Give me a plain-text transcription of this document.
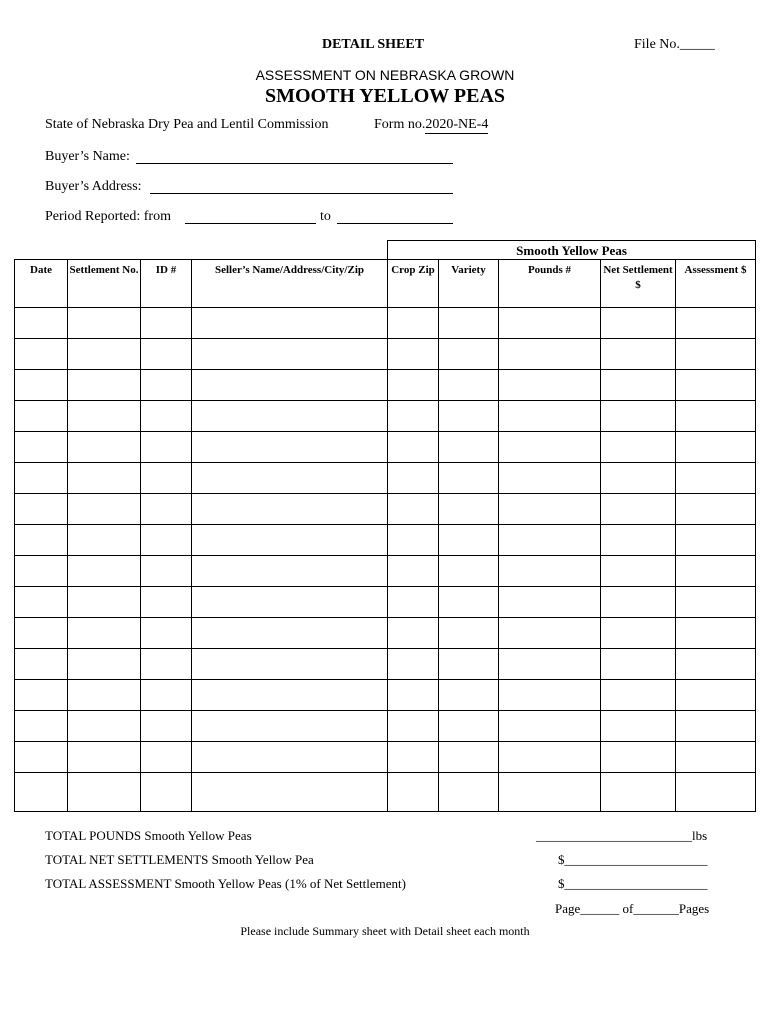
DETAIL SHEET	File No._____
ASSESSMENT ON NEBRASKA GROWN
SMOOTH YELLOW PEAS
State of Nebraska Dry Pea and Lentil Commission	Form no.2020-NE-4
Buyer’s Name:
Buyer’s Address:
Period Reported: from	to
				Smooth Yellow Peas				
Date	Settlement No.	ID #	Seller’s Name/Address/City/Zip	Crop Zip	Variety	Pounds #	Net Settlement $	Assessment $

TOTAL POUNDS Smooth Yellow Peas	________________________lbs
TOTAL NET SETTLEMENTS Smooth Yellow Pea	$______________________
TOTAL ASSESSMENT Smooth Yellow Peas (1% of Net Settlement)	$______________________
Page______ of_______Pages
Please include Summary sheet with Detail sheet each month
